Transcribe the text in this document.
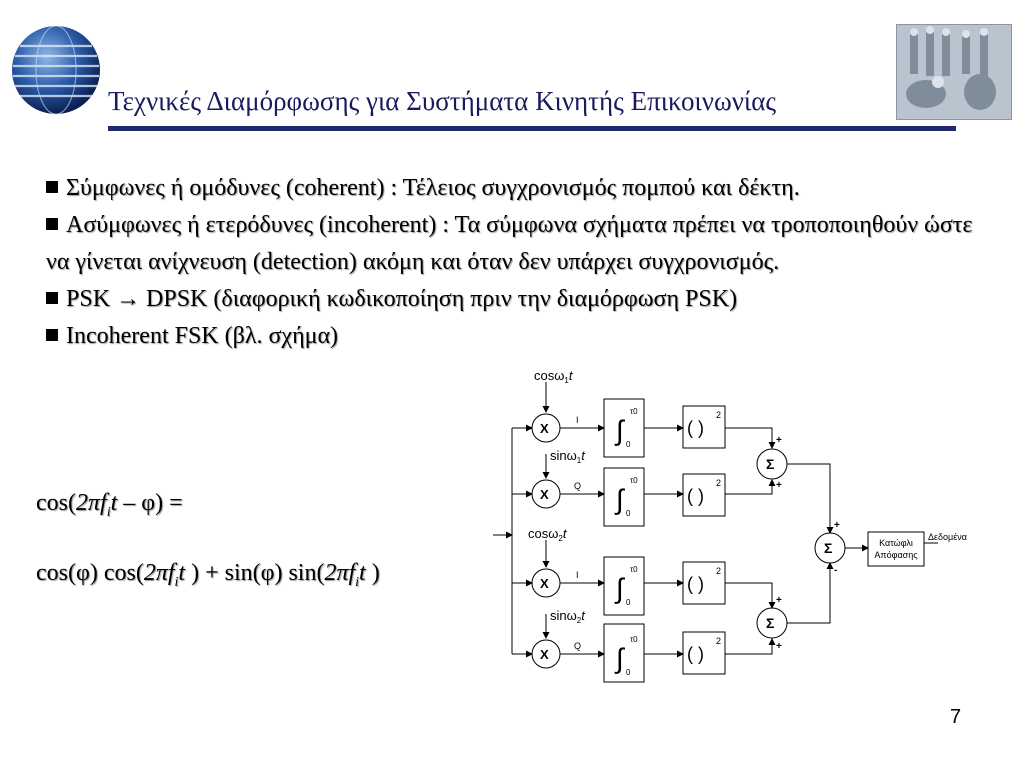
Τεχνικές Διαμόρφωσης για Συστήματα Κινητής Επικοινωνίας

Σύμφωνες ή ομόδυνες (coherent) : Τέλειος συγχρονισμός πομπού και δέκτη.

Ασύμφωνες ή ετερόδυνες (incoherent) : Τα σύμφωνα σχήματα πρέπει να τροποποιηθούν ώστε να γίνεται ανίχνευση (detection) ακόμη και όταν δεν υπάρχει συγχρονισμός.

PSK → DPSK (διαφορική κωδικοποίηση πριν την διαμόρφωση PSK)

Incoherent FSK (βλ. σχήμα)

$\cos(2\pi f_it - \varphi)$ =
cos(φ) $\cos(2\pi f_it$ ) + sin(φ) $\sin(2\pi f_it$ )
cosω$_1$t
sinω$_1$t
cosω$_2$t
sinω$_2$t
X
X
X
X
I
Q
I
Q
∫
τ0
0
∫
τ0
0
∫
τ0
0
∫
τ0
0
( )
2
( )
2
( )
2
( )
2
Σ
Σ
Σ
+
+
+
+
+
-
Κατώφλι
Απόφασης
Δεδομένα
7
